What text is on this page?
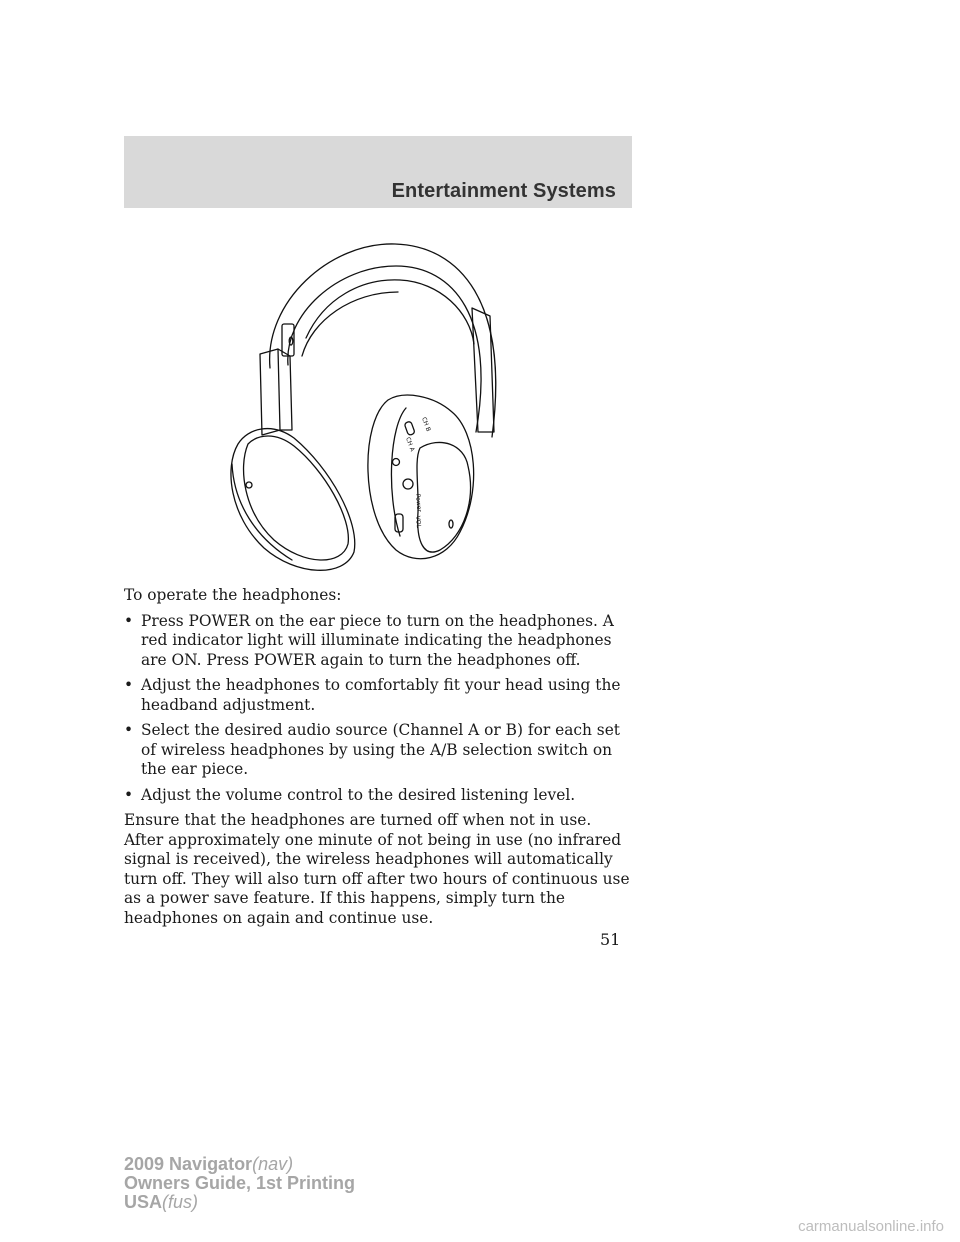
Entertainment Systems
CH B
CH A
Power
VOL

To operate the headphones:

• Press POWER on the ear piece to turn on the headphones. A red indicator light will illuminate indicating the headphones are ON. Press POWER again to turn the headphones off.
• Adjust the headphones to comfortably fit your head using the headband adjustment.
• Select the desired audio source (Channel A or B) for each set of wireless headphones by using the A/B selection switch on the ear piece.
• Adjust the volume control to the desired listening level.

Ensure that the headphones are turned off when not in use. After approximately one minute of not being in use (no infrared signal is received), the wireless headphones will automatically turn off. They will also turn off after two hours of continuous use as a power save feature. If this happens, simply turn the headphones on again and continue use.

51
2009 Navigator(nav)
Owners Guide, 1st Printing
USA(fus)
carmanualsonline.info
